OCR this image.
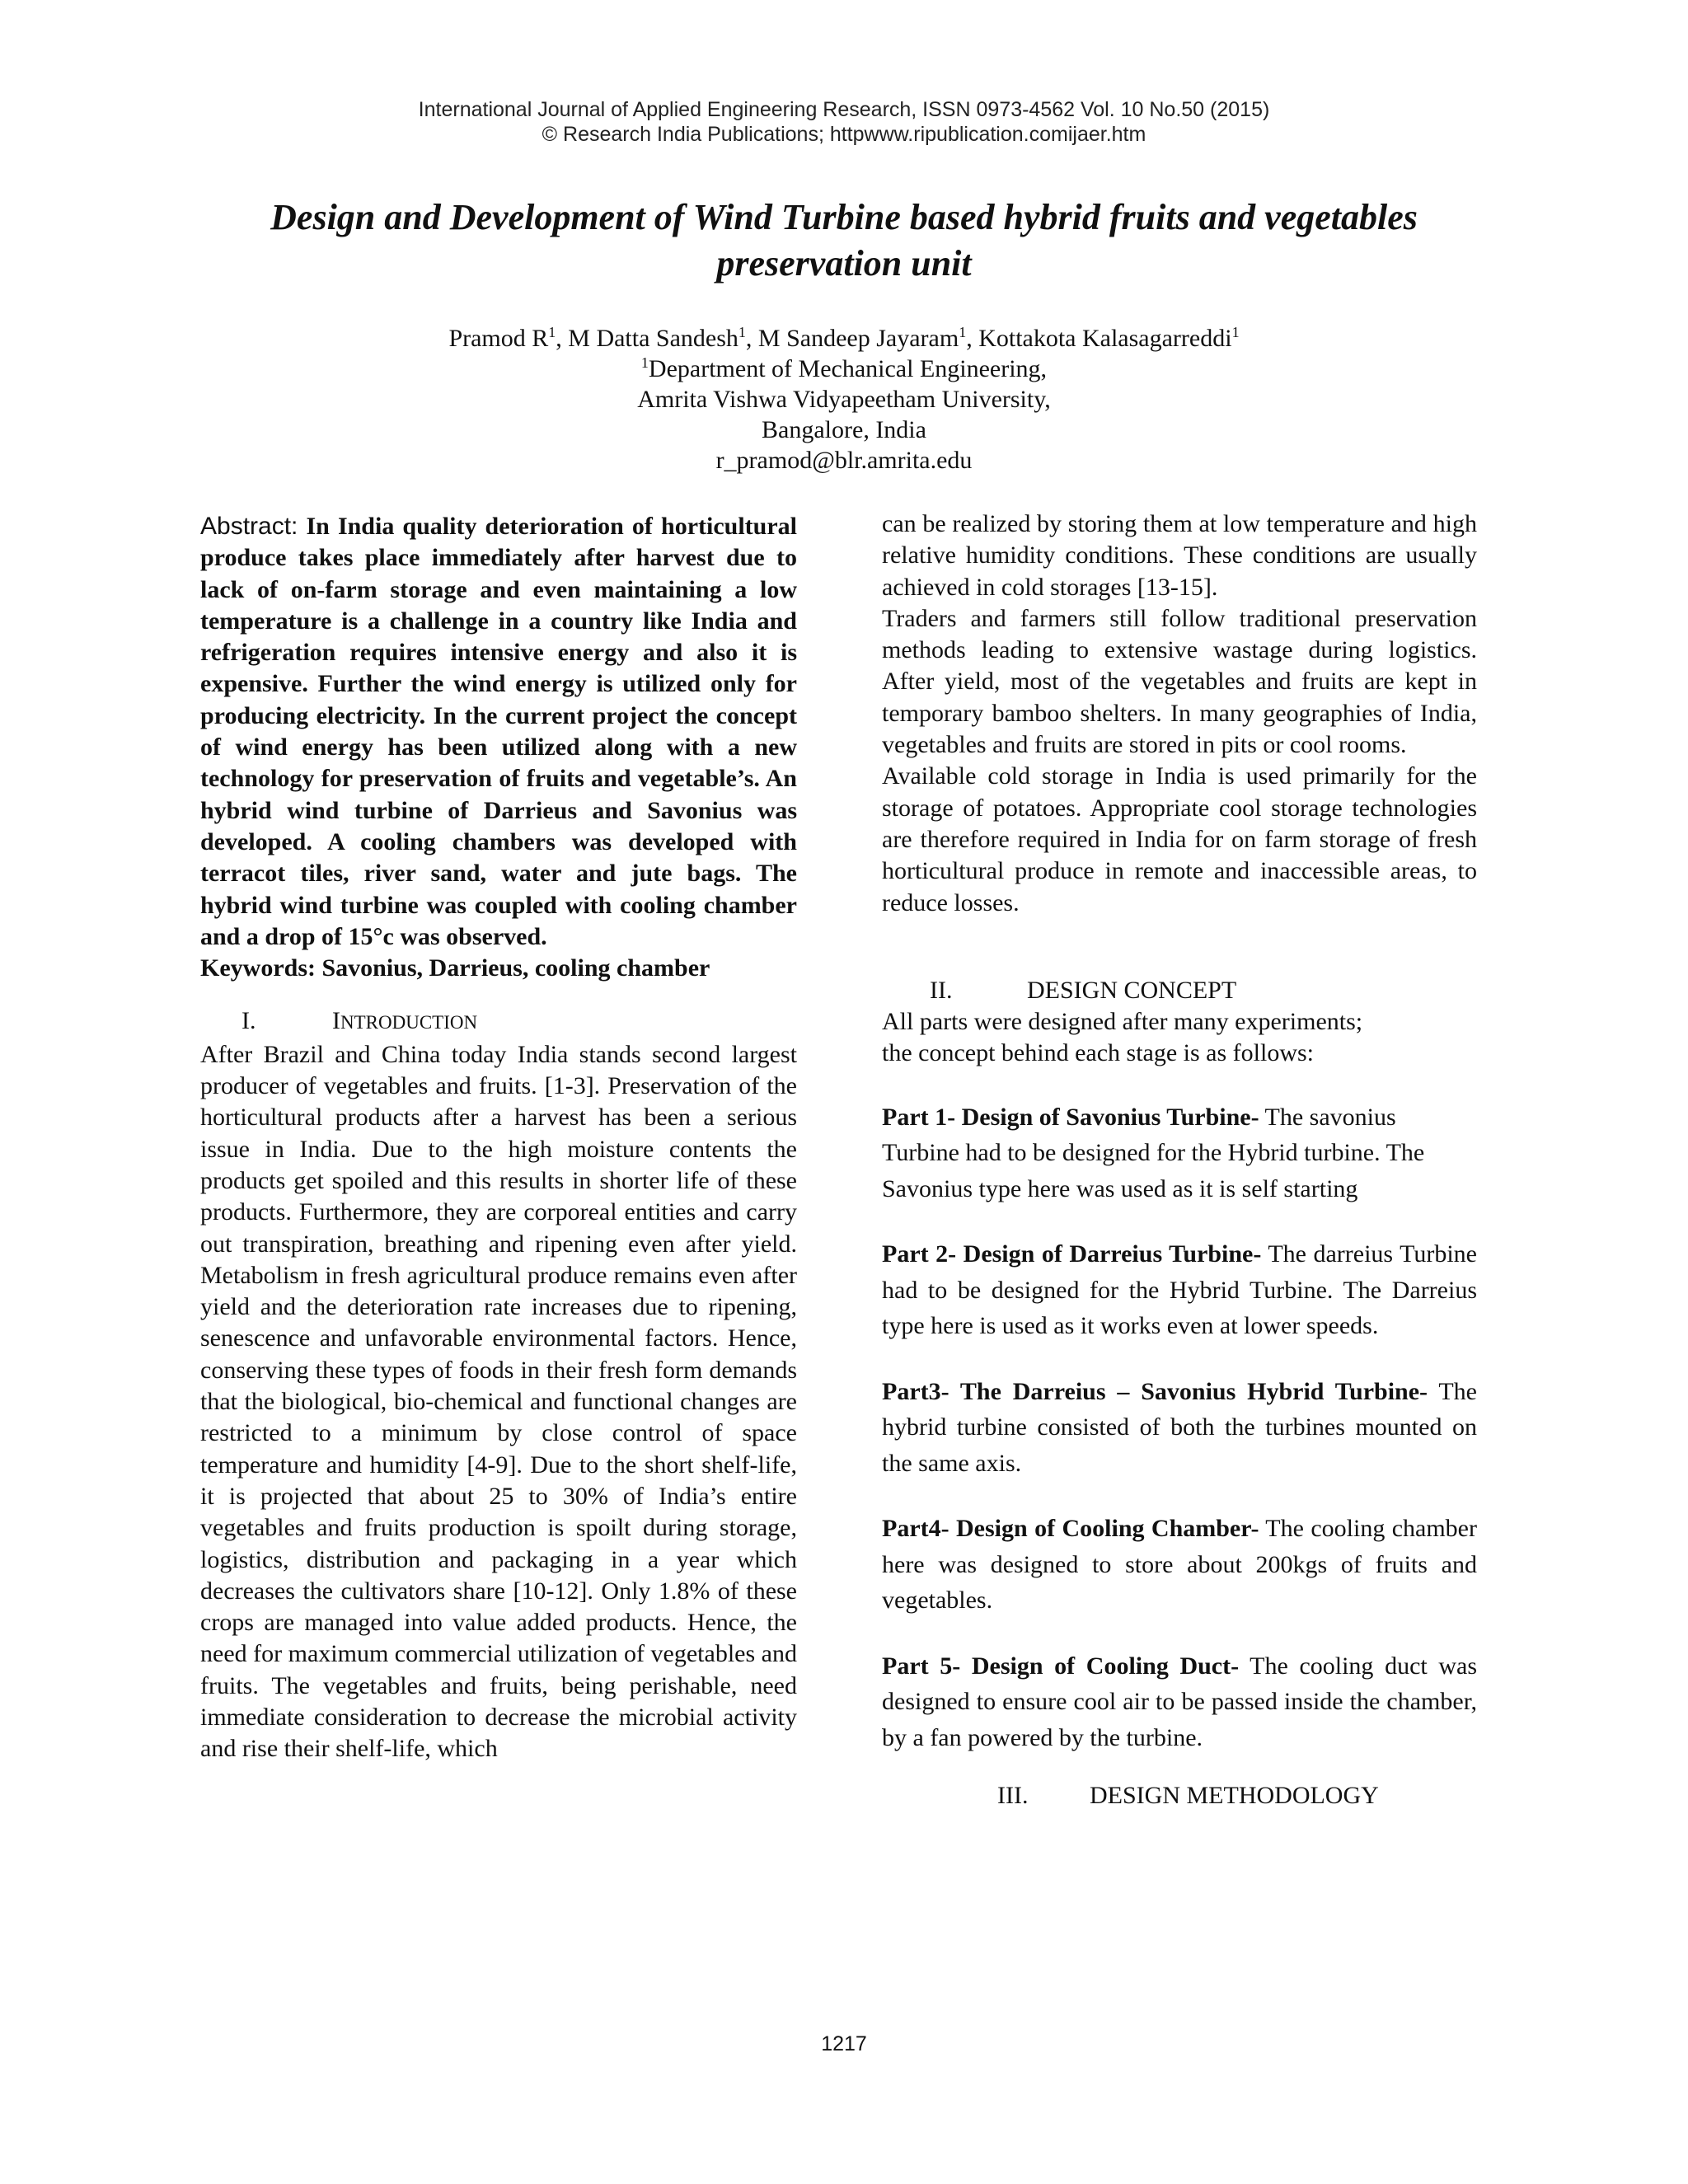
International Journal of Applied Engineering Research, ISSN 0973-4562 Vol. 10 No.50 (2015)
© Research India Publications; httpwww.ripublication.comijaer.htm
Design and Development of Wind Turbine based hybrid fruits and vegetables preservation unit
Pramod $R^1$, M Datta Sandesh$^1$, M Sandeep Jayaram$^1$, Kottakota Kalasagarreddi$^1$
$^1$Department of Mechanical Engineering,
Amrita Vishwa Vidyapeetham University,
Bangalore, India
r_pramod@blr.amrita.edu
Abstract: In India quality deterioration of horticultural produce takes place immediately after harvest due to lack of on-farm storage and even maintaining a low temperature is a challenge in a country like India and refrigeration requires intensive energy and also it is expensive. Further the wind energy is utilized only for producing electricity. In the current project the concept of wind energy has been utilized along with a new technology for preservation of fruits and vegetable’s. An hybrid wind turbine of Darrieus and Savonius was developed. A cooling chambers was developed with terracot tiles, river sand, water and jute bags. The hybrid wind turbine was coupled with cooling chamber and a drop of 15°c was observed.
Keywords: Savonius, Darrieus, cooling chamber
I.	INTRODUCTION

After Brazil and China today India stands second largest producer of vegetables and fruits. [1-3]. Preservation of the horticultural products after a harvest has been a serious issue in India. Due to the high moisture contents the products get spoiled and this results in shorter life of these products. Furthermore, they are corporeal entities and carry out transpiration, breathing and ripening even after yield. Metabolism in fresh agricultural produce remains even after yield and the deterioration rate increases due to ripening, senescence and unfavorable environmental factors. Hence, conserving these types of foods in their fresh form demands that the biological, bio-chemical and functional changes are restricted to a minimum by close control of space temperature and humidity [4-9]. Due to the short shelf-life, it is projected that about 25 to 30% of India’s entire vegetables and fruits production is spoilt during storage, logistics, distribution and packaging in a year which decreases the cultivators share [10-12]. Only 1.8% of these crops are managed into value added products. Hence, the need for maximum commercial utilization of vegetables and fruits. The vegetables and fruits, being perishable, need immediate consideration to decrease the microbial activity and rise their shelf-life, which

can be realized by storing them at low temperature and high relative humidity conditions. These conditions are usually achieved in cold storages [13-15].

Traders and farmers still follow traditional preservation methods leading to extensive wastage during logistics. After yield, most of the vegetables and fruits are kept in temporary bamboo shelters. In many geographies of India, vegetables and fruits are stored in pits or cool rooms.

Available cold storage in India is used primarily for the storage of potatoes. Appropriate cool storage technologies are therefore required in India for on farm storage of fresh horticultural produce in remote and inaccessible areas, to reduce losses.

II.	DESIGN CONCEPT
All parts were designed after many experiments;
the concept behind each stage is as follows:
Part 1- Design of Savonius Turbine- The savonius Turbine had to be designed for the Hybrid turbine. The Savonius type here was used as it is self starting
Part 2- Design of Darreius Turbine- The darreius Turbine had to be designed for the Hybrid Turbine. The Darreius type here is used as it works even at lower speeds.
Part3- The Darreius – Savonius Hybrid Turbine- The hybrid turbine consisted of both the turbines mounted on the same axis.
Part4- Design of Cooling Chamber- The cooling chamber here was designed to store about 200kgs of fruits and vegetables.
Part 5- Design of Cooling Duct- The cooling duct was designed to ensure cool air to be passed inside the chamber, by a fan powered by the turbine.
III. DESIGN METHODOLOGY
1217
